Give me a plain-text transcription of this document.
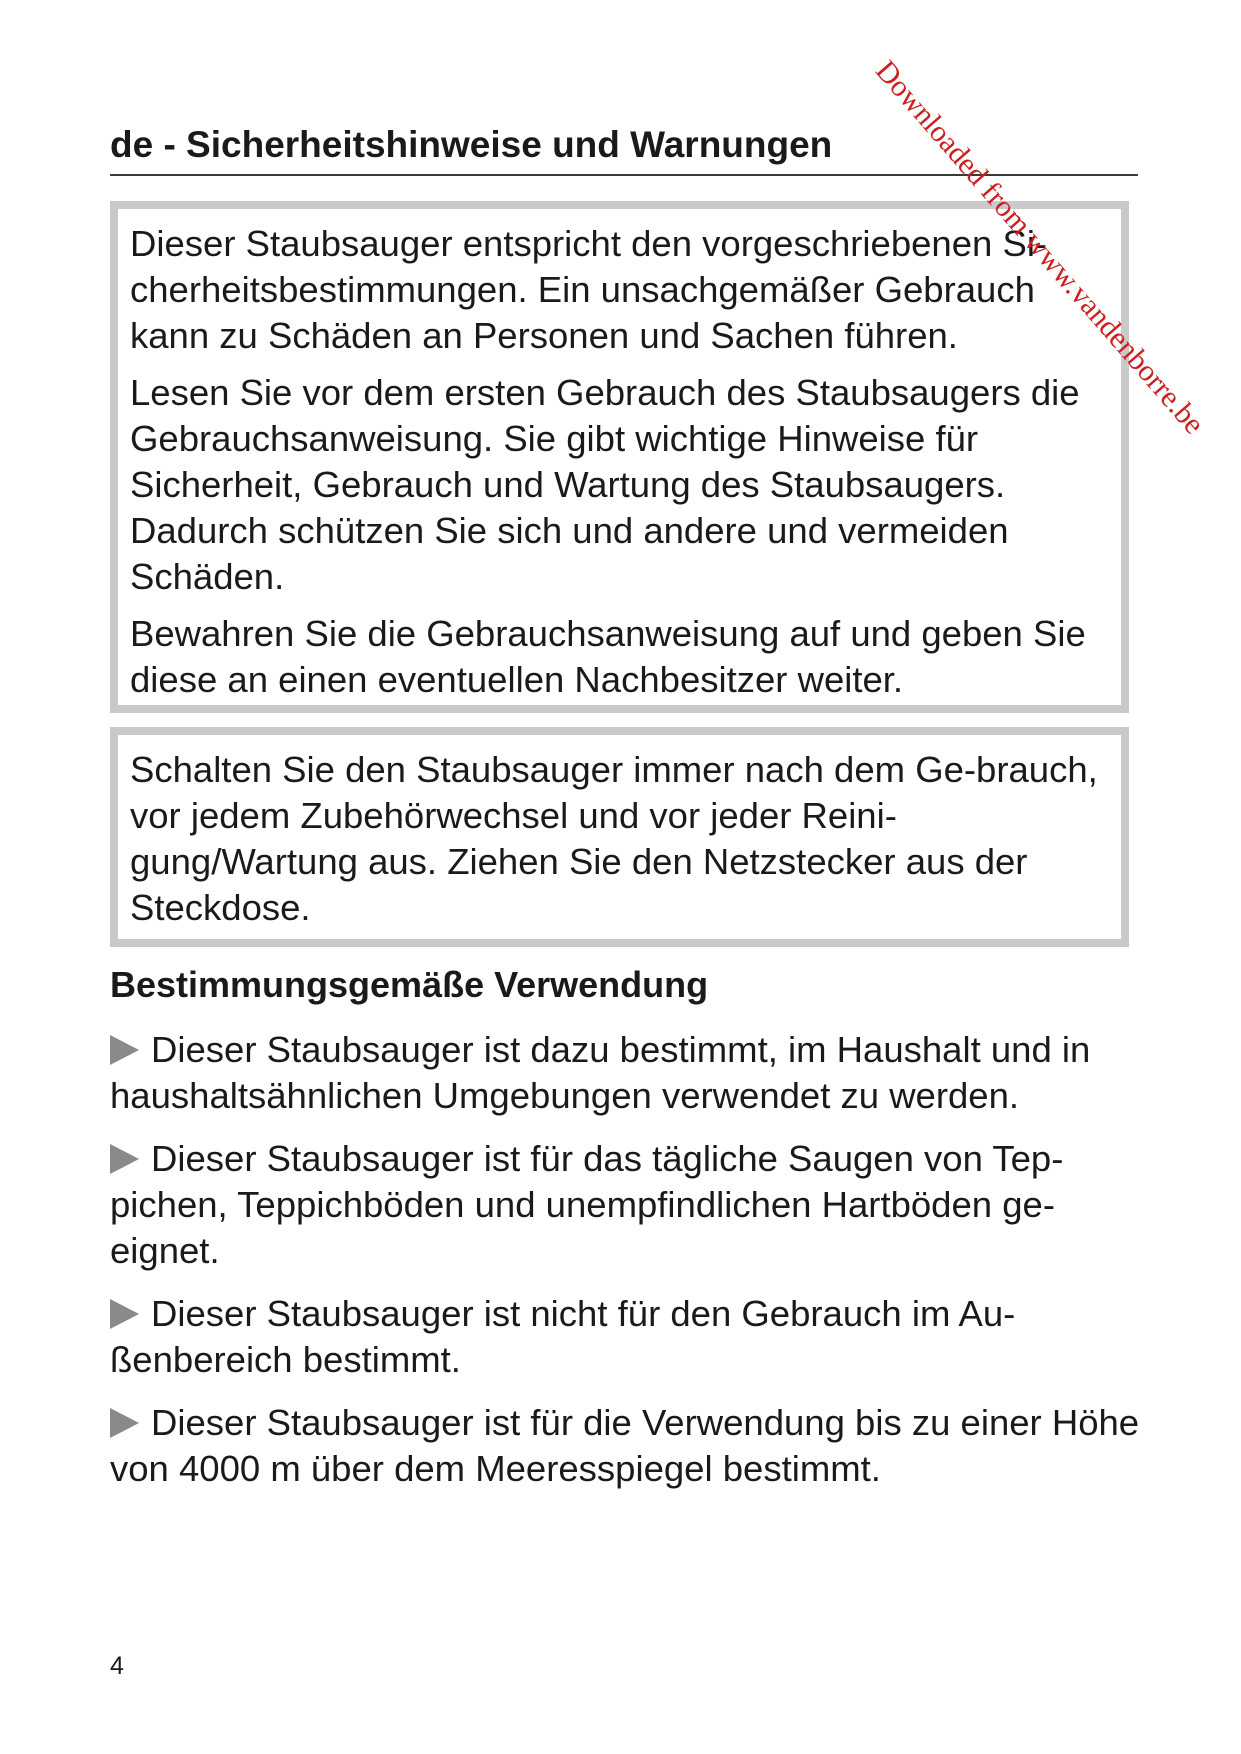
de - Sicherheitshinweise und Warnungen

Dieser Staubsauger entspricht den vorgeschriebenen Si-cherheitsbestimmungen. Ein unsachgemäßer Gebrauch kann zu Schäden an Personen und Sachen führen.

Lesen Sie vor dem ersten Gebrauch des Staubsaugers die Gebrauchsanweisung. Sie gibt wichtige Hinweise für Sicherheit, Gebrauch und Wartung des Staubsaugers. Dadurch schützen Sie sich und andere und vermeiden Schäden.

Bewahren Sie die Gebrauchsanweisung auf und geben Sie diese an einen eventuellen Nachbesitzer weiter.

Schalten Sie den Staubsauger immer nach dem Ge-brauch, vor jedem Zubehörwechsel und vor jeder Reini-gung/Wartung aus. Ziehen Sie den Netzstecker aus der Steckdose.

Bestimmungsgemäße Verwendung

Dieser Staubsauger ist dazu bestimmt, im Haushalt und in haushaltsähnlichen Umgebungen verwendet zu werden.

Dieser Staubsauger ist für das tägliche Saugen von Tep-pichen, Teppichböden und unempfindlichen Hartböden ge-eignet.

Dieser Staubsauger ist nicht für den Gebrauch im Au-ßenbereich bestimmt.

Dieser Staubsauger ist für die Verwendung bis zu einer Höhe von 4000 m über dem Meeresspiegel bestimmt.

4
Downloaded from www.vandenborre.be
